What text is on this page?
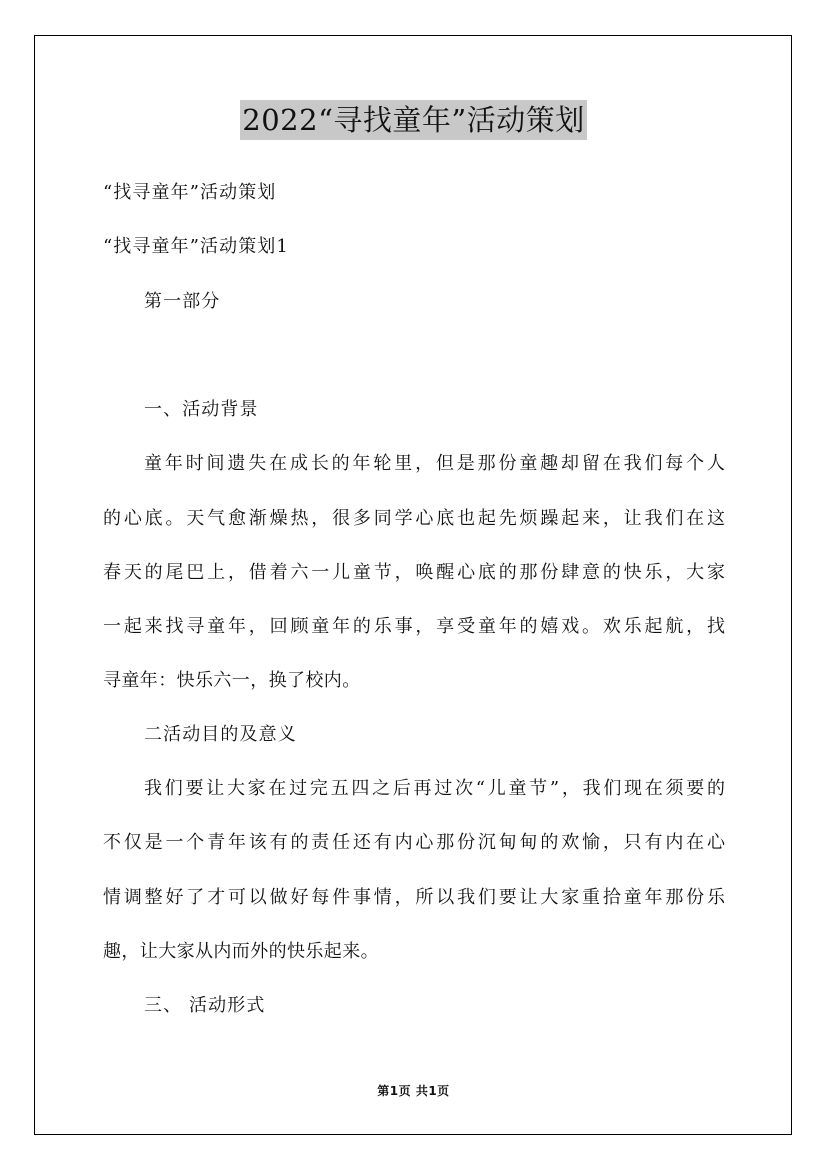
2022“寻找童年”活动策划
“找寻童年”活动策划
“找寻童年”活动策划1
第一部分
一、活动背景
童年时间遗失在成长的年轮里，但是那份童趣却留在我们每个人
的心底。天气愈渐燥热，很多同学心底也起先烦躁起来，让我们在这
春天的尾巴上，借着六一儿童节，唤醒心底的那份肆意的快乐，大家
一起来找寻童年，回顾童年的乐事，享受童年的嬉戏。欢乐起航，找
寻童年：快乐六一，换了校内。
二活动目的及意义
我们要让大家在过完五四之后再过次“儿童节”，我们现在须要的
不仅是一个青年该有的责任还有内心那份沉甸甸的欢愉，只有内在心
情调整好了才可以做好每件事情，所以我们要让大家重拾童年那份乐
趣，让大家从内而外的快乐起来。
三、 活动形式
第1页 共1页
